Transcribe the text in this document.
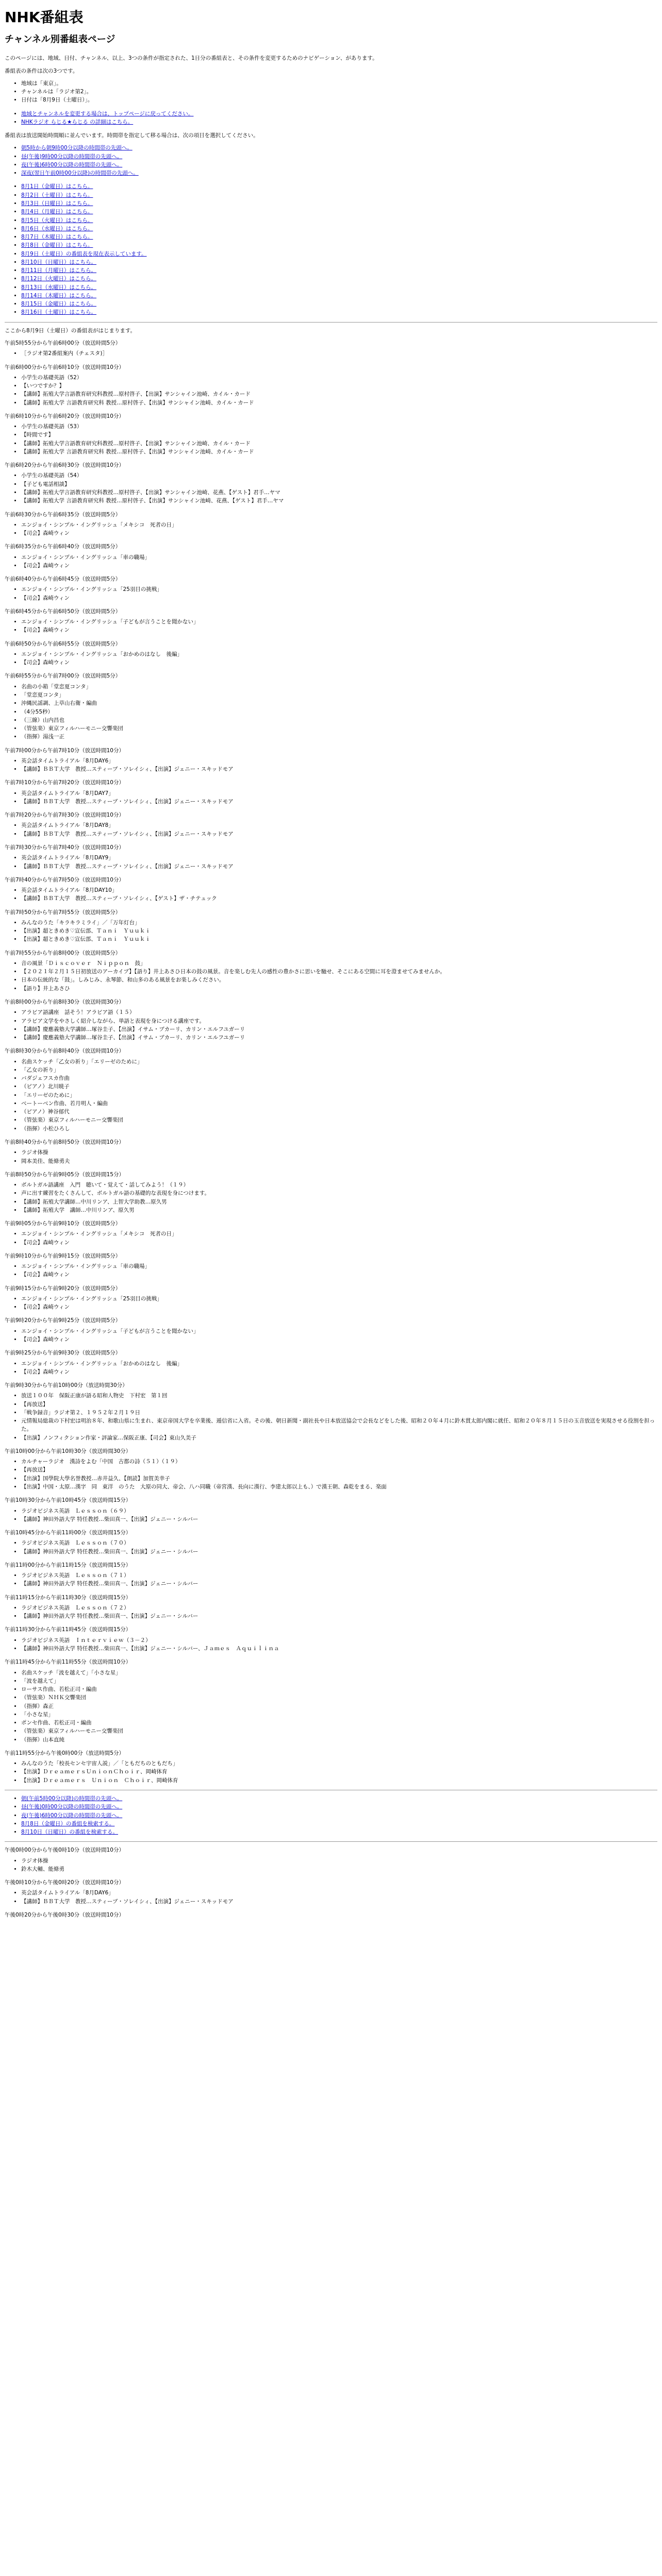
NHK番組表
チャンネル別番組表ページ

このページには、地域、日付、チャンネル、以上、3つの条件が指定された、1日分の番組表と、その条件を変更するためのナビゲーション、があります。

番組表の条件は次の3つです。

• 地域は「東京」。
• チャンネルは「ラジオ第2」。
• 日付は「8月9日（土曜日）」。
• 地域とチャンネルを変更する場合は、トップページに戻ってください。
• NHKラジオ らじる★らじる の詳細はこちら。

番組表は放送開始時間順に並んでいます。時間帯を指定して移る場合は、次の項目を選択してください。

• 朝5時から朝9時00分以降の時間帯の先頭へ。
• 昼(午後)9時00分以降の時間帯の先頭へ。
• 夜(午後)6時00分以降の時間帯の先頭へ。
• 深夜(翌日午前0時00分以降)の時間帯の先頭へ。
• 8月1日（金曜日）はこちら。
• 8月2日（土曜日）はこちら。
• 8月3日（日曜日）はこちら。
• 8月4日（月曜日）はこちら。
• 8月5日（火曜日）はこちら。
• 8月6日（水曜日）はこちら。
• 8月7日（木曜日）はこちら。
• 8月8日（金曜日）はこちら。
• 8月9日（土曜日）の番組表を現在表示しています。
• 8月10日（日曜日）はこちら。
• 8月11日（月曜日）はこちら。
• 8月12日（火曜日）はこちら。
• 8月13日（水曜日）はこちら。
• 8月14日（木曜日）はこちら。
• 8月15日（金曜日）はこちら。
• 8月16日（土曜日）はこちら。

ここから8月9日（土曜日）の番組表がはじまります。

午前5時55分から午前6時00分（放送時間5分）
• ［ラジオ第2番組案内（チェスタ)］
午前6時00分から午前6時10分（放送時間10分）
• 小学生の基礎英語（52）
• 【いつですか？】
• 【講師】拓殖大学言語教育研究科教授…原村啓子、【出演】サンシャイン池崎、カイル・カード
• 【講師】拓殖大学 言語教育研究科 教授…原村啓子、【出演】サンシャイン池崎、カイル・カード
午前6時10分から午前6時20分（放送時間10分）
• 小学生の基礎英語（53）
• 【時間です】
• 【講師】拓殖大学言語教育研究科教授…原村啓子、【出演】サンシャイン池崎、カイル・カード
• 【講師】拓殖大学 言語教育研究科 教授…原村啓子、【出演】サンシャイン池崎、カイル・カード
午前6時20分から午前6時30分（放送時間10分）
• 小学生の基礎英語（54）
• 【子ども電話相談】
• 【講師】拓殖大学言語教育研究科教授…原村啓子、【出演】サンシャイン池崎、花燕、【ゲスト】君手…ヤマ
• 【講師】拓殖大学 言語教育研究科 教授…原村啓子、【出演】サンシャイン池崎、花燕、【ゲスト】君手…ヤマ
午前6時30分から午前6時35分（放送時間5分）
• エンジョイ・シンプル・イングリッシュ「メキシコ　死者の日」
• 【司会】森崎ウィン
午前6時35分から午前6時40分（放送時間5分）
• エンジョイ・シンプル・イングリッシュ「車の職場」
• 【司会】森崎ウィン
午前6時40分から午前6時45分（放送時間5分）
• エンジョイ・シンプル・イングリッシュ「25羽目の挑戦」
• 【司会】森崎ウィン
午前6時45分から午前6時50分（放送時間5分）
• エンジョイ・シンプル・イングリッシュ「子どもが言うことを聞かない」
• 【司会】森崎ウィン
午前6時50分から午前6時55分（放送時間5分）
• エンジョイ・シンプル・イングリッシュ「おかめのはなし　後編」
• 【司会】森崎ウィン
午前6時55分から午前7時00分（放送時間5分）
• 名曲の小箱「堂恋夏コンタ」
• 「堂恋夏コンタ」
• 沖縄民謡調、上草山右衛・編曲
• （4分55秒）
• （三線）山内昌也
• （管弦楽）東京フィルハーモニー交響楽団
• （指揮）湯浅一正
午前7時00分から午前7時10分（放送時間10分）
• 英会話タイムトライアル「8月DAY6」
• 【講師】ＢＢＴ大学　教授…スティーブ・ソレイシィ、【出演】ジェニー・スキッドモア
午前7時10分から午前7時20分（放送時間10分）
• 英会話タイムトライアル「8月DAY7」
• 【講師】ＢＢＴ大学　教授…スティーブ・ソレイシィ、【出演】ジェニー・スキッドモア
午前7時20分から午前7時30分（放送時間10分）
• 英会話タイムトライアル「8月DAY8」
• 【講師】ＢＢＴ大学　教授…スティーブ・ソレイシィ、【出演】ジェニー・スキッドモア
午前7時30分から午前7時40分（放送時間10分）
• 英会話タイムトライアル「8月DAY9」
• 【講師】ＢＢＴ大学　教授…スティーブ・ソレイシィ、【出演】ジェニー・スキッドモア
午前7時40分から午前7時50分（放送時間10分）
• 英会話タイムトライアル「8月DAY10」
• 【講師】ＢＢＴ大学　教授…スティーブ・ソレイシィ、【ゲスト】ザ・チテュック
午前7時50分から午前7時55分（放送時間5分）
• みんなのうた「キラキラミライ」／「万年灯台」
• 【出演】超ときめき♡宣伝部、Ｔａｎｉ　Ｙｕｕｋｉ
• 【出演】超ときめき♡宣伝部、Ｔａｎｉ　Ｙｕｕｋｉ
午前7時55分から午前8時00分（放送時間5分）
• 音の風景「Ｄｉｓｃｏｖｅｒ　Ｎｉｐｐｏｎ　鼓」
• 【２０２１年２月１５日初放送のアーカイブ】【語り】井上あさひ日本の鼓の風景。音を楽しむ先人の感性の豊かさに思いを馳せ、そこにある空間に耳を澄ませてみませんか。
• 日本の伝統的な「鼓」。しみじみ、永琴節、和山多のある風景をお楽しみください。
• 【語り】井上あさひ
午前8時00分から午前8時30分（放送時間30分）
• アラビア語講座　話そう！アラビア語（１５）
• アラビア文学をやさしく紹介しながら、単語と表現を身につける講座です。
• 【講師】慶應義塾大学講師…塚谷圭子、【出演】イサム・ブカーリ、カリン・エルフユガーリ
• 【講師】慶應義塾大学講師…塚谷圭子、【出演】イサム・ブカーリ、カリン・エルフユガーリ
午前8時30分から午前8時40分（放送時間10分）
• 名曲スケッチ「乙女の祈り」「エリーゼのために」
• 「乙女の祈り」
• バダジェフスカ作曲
• （ピアノ）北川暁子
• 「エリーゼのために」
• ベートーベン作曲、若月明人・編曲
• （ピアノ）神谷郁代
• （管弦楽）東京フィルハーモニー交響楽団
• （指揮）小松ひろし
午前8時40分から午前8時50分（放送時間10分）
• ラジオ体操
• 岡本美佳、能條勇夫
午前8時50分から午前9時05分（放送時間15分）
• ボルトガル語講座　入門　聴いて・覚えて・話してみよう！（１９）
• 声に出す練習をたくさんして、ボルトガル語の基礎的な表現を身につけます。
• 【講師】拓殖大学講師…中川リンア、上智大学助教…原久男
• 【講師】拓殖大学　講師…中川リンア、原久男
午前9時05分から午前9時10分（放送時間5分）
• エンジョイ・シンプル・イングリッシュ「メキシコ　死者の日」
• 【司会】森崎ウィン
午前9時10分から午前9時15分（放送時間5分）
• エンジョイ・シンプル・イングリッシュ「車の職場」
• 【司会】森崎ウィン
午前9時15分から午前9時20分（放送時間5分）
• エンジョイ・シンプル・イングリッシュ「25羽目の挑戦」
• 【司会】森崎ウィン
午前9時20分から午前9時25分（放送時間5分）
• エンジョイ・シンプル・イングリッシュ「子どもが言うことを聞かない」
• 【司会】森崎ウィン
午前9時25分から午前9時30分（放送時間5分）
• エンジョイ・シンプル・イングリッシュ「おかめのはなし　後編」
• 【司会】森崎ウィン
午前9時30分から午前10時00分（放送時間30分）
• 放送１００年　保阪正康が語る昭和人物史　下村宏　第１回
• 【再放送】
• 「戦争録音」ラジオ第２、１９５２年２月１９日
• 元情報局総裁の下村宏は明治８年、和歌山県に生まれ、東京帝国大学を卒業後、逓信省に入省。その後、朝日新聞・副社長や日本放送協会で会長などをした後、昭和２０年４月に鈴木貫太郎内閣に就任、昭和２０年８月１５日の玉音放送を実現させる役割を担った。
• 【出演】ノンフィクション作家・評論家…保阪正康、【司会】東山久美子
午前10時00分から午前10時30分（放送時間30分）
• カルチャーラジオ　漢詩をよむ「中国　古都の詩（５１）（１９）
• 【再放送】
• 【出演】国學院大學名誉教授…赤井益久、【朗読】加賀美幸子
• 【出演】中国・太原…漢字　同　東洋　のうた　大原の同大、帝会、八ハ同職（帝宮漢、長向に漢行、李建太郎以上も、）で漢王朝、森乾をまる、楽面
午前10時30分から午前10時45分（放送時間15分）
• ラジオビジネス英語　Ｌｅｓｓｏｎ（６９）
• 【講師】神田外語大学 特任教授…柴田真一、【出演】ジェニー・シルバー
午前10時45分から午前11時00分（放送時間15分）
• ラジオビジネス英語　Ｌｅｓｓｏｎ（７０）
• 【講師】神田外語大学 特任教授…柴田真一、【出演】ジェニー・シルバー
午前11時00分から午前11時15分（放送時間15分）
• ラジオビジネス英語　Ｌｅｓｓｏｎ（７１）
• 【講師】神田外語大学 特任教授…柴田真一、【出演】ジェニー・シルバー
午前11時15分から午前11時30分（放送時間15分）
• ラジオビジネス英語　Ｌｅｓｓｏｎ（７２）
• 【講師】神田外語大学 特任教授…柴田真一、【出演】ジェニー・シルバー
午前11時30分から午前11時45分（放送時間15分）
• ラジオビジネス英語　Ｉｎｔｅｒｖｉｅｗ（３－２）
• 【講師】神田外語大学 特任教授…柴田真一、【出演】ジェニー・シルバー、Ｊａｍｅｓ　Ａｑｕｉｌｉｎａ
午前11時45分から午前11時55分（放送時間10分）
• 名曲スケッチ「波を越えて」「小さな星」
• 「波を越えて」
• ローサス作曲、若松正司・編曲
• （管弦楽）ＮＨＫ交響楽団
• （指揮）森正
• 「小さな星」
• ポンセ作曲、若松正司・編曲
• （管弦楽）東京フィルハーモニー交響楽団
• （指揮）山本直純
午前11時55分から午後0時00分（放送時間5分）
• みんなのうた「校長センセ宇宙人説」／「ともだちのともだち」
• 【出演】ＤｒｅａｍｅｒｓＵｎｉｏｎＣｈｏｉｒ、岡崎体育
• 【出演】Ｄｒｅａｍｅｒｓ　Ｕｎｉｏｎ　Ｃｈｏｉｒ、岡崎体育
• 朝(午前5時00分以降)の時間帯の先頭へ。
• 昼(午後)0時00分以降の時間帯の先頭へ。
• 夜(午後)6時00分以降の時間帯の先頭へ。
• 8月8日（金曜日）の番組を検索する。
• 8月10日（日曜日）の番組を検索する。
午後0時00分から午後0時10分（放送時間10分）
• ラジオ体操
• 鈴木大輔、能條勇
午後0時10分から午後0時20分（放送時間10分）
• 英会話タイムトライアル「8月DAY6」
• 【講師】ＢＢＴ大学　教授…スティーブ・ソレイシィ、【出演】ジェニー・スキッドモア
午後0時20分から午後0時30分（放送時間10分）
